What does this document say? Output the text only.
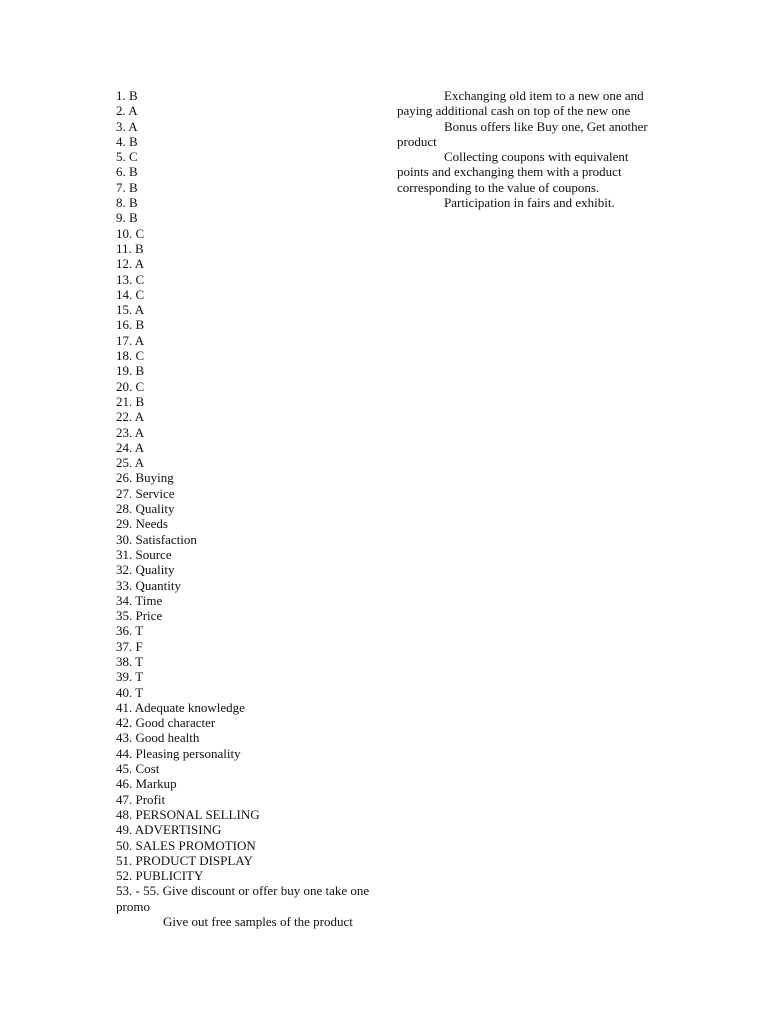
1. B
2. A
3. A
4. B
5. C
6. B
7. B
8. B
9. B
10. C
11. B
12. A
13. C
14. C
15. A
16. B
17. A
18. C
19. B
20. C
21. B
22. A
23. A
24. A
25. A
26. Buying
27. Service
28. Quality
29. Needs
30. Satisfaction
31. Source
32. Quality
33. Quantity
34. Time
35. Price
36. T
37. F
38. T
39. T
40. T
41. Adequate knowledge
42. Good character
43. Good health
44. Pleasing personality
45. Cost
46. Markup
47. Profit
48. PERSONAL SELLING
49. ADVERTISING
50. SALES PROMOTION
51. PRODUCT DISPLAY
52. PUBLICITY
53. - 55. Give discount or offer buy one take one promo
Give out free samples of the product
Exchanging old item to a new one and paying additional cash on top of the new one
Bonus offers like Buy one, Get another product
Collecting coupons with equivalent points and exchanging them with a product corresponding to the value of coupons.
Participation in fairs and exhibit.
